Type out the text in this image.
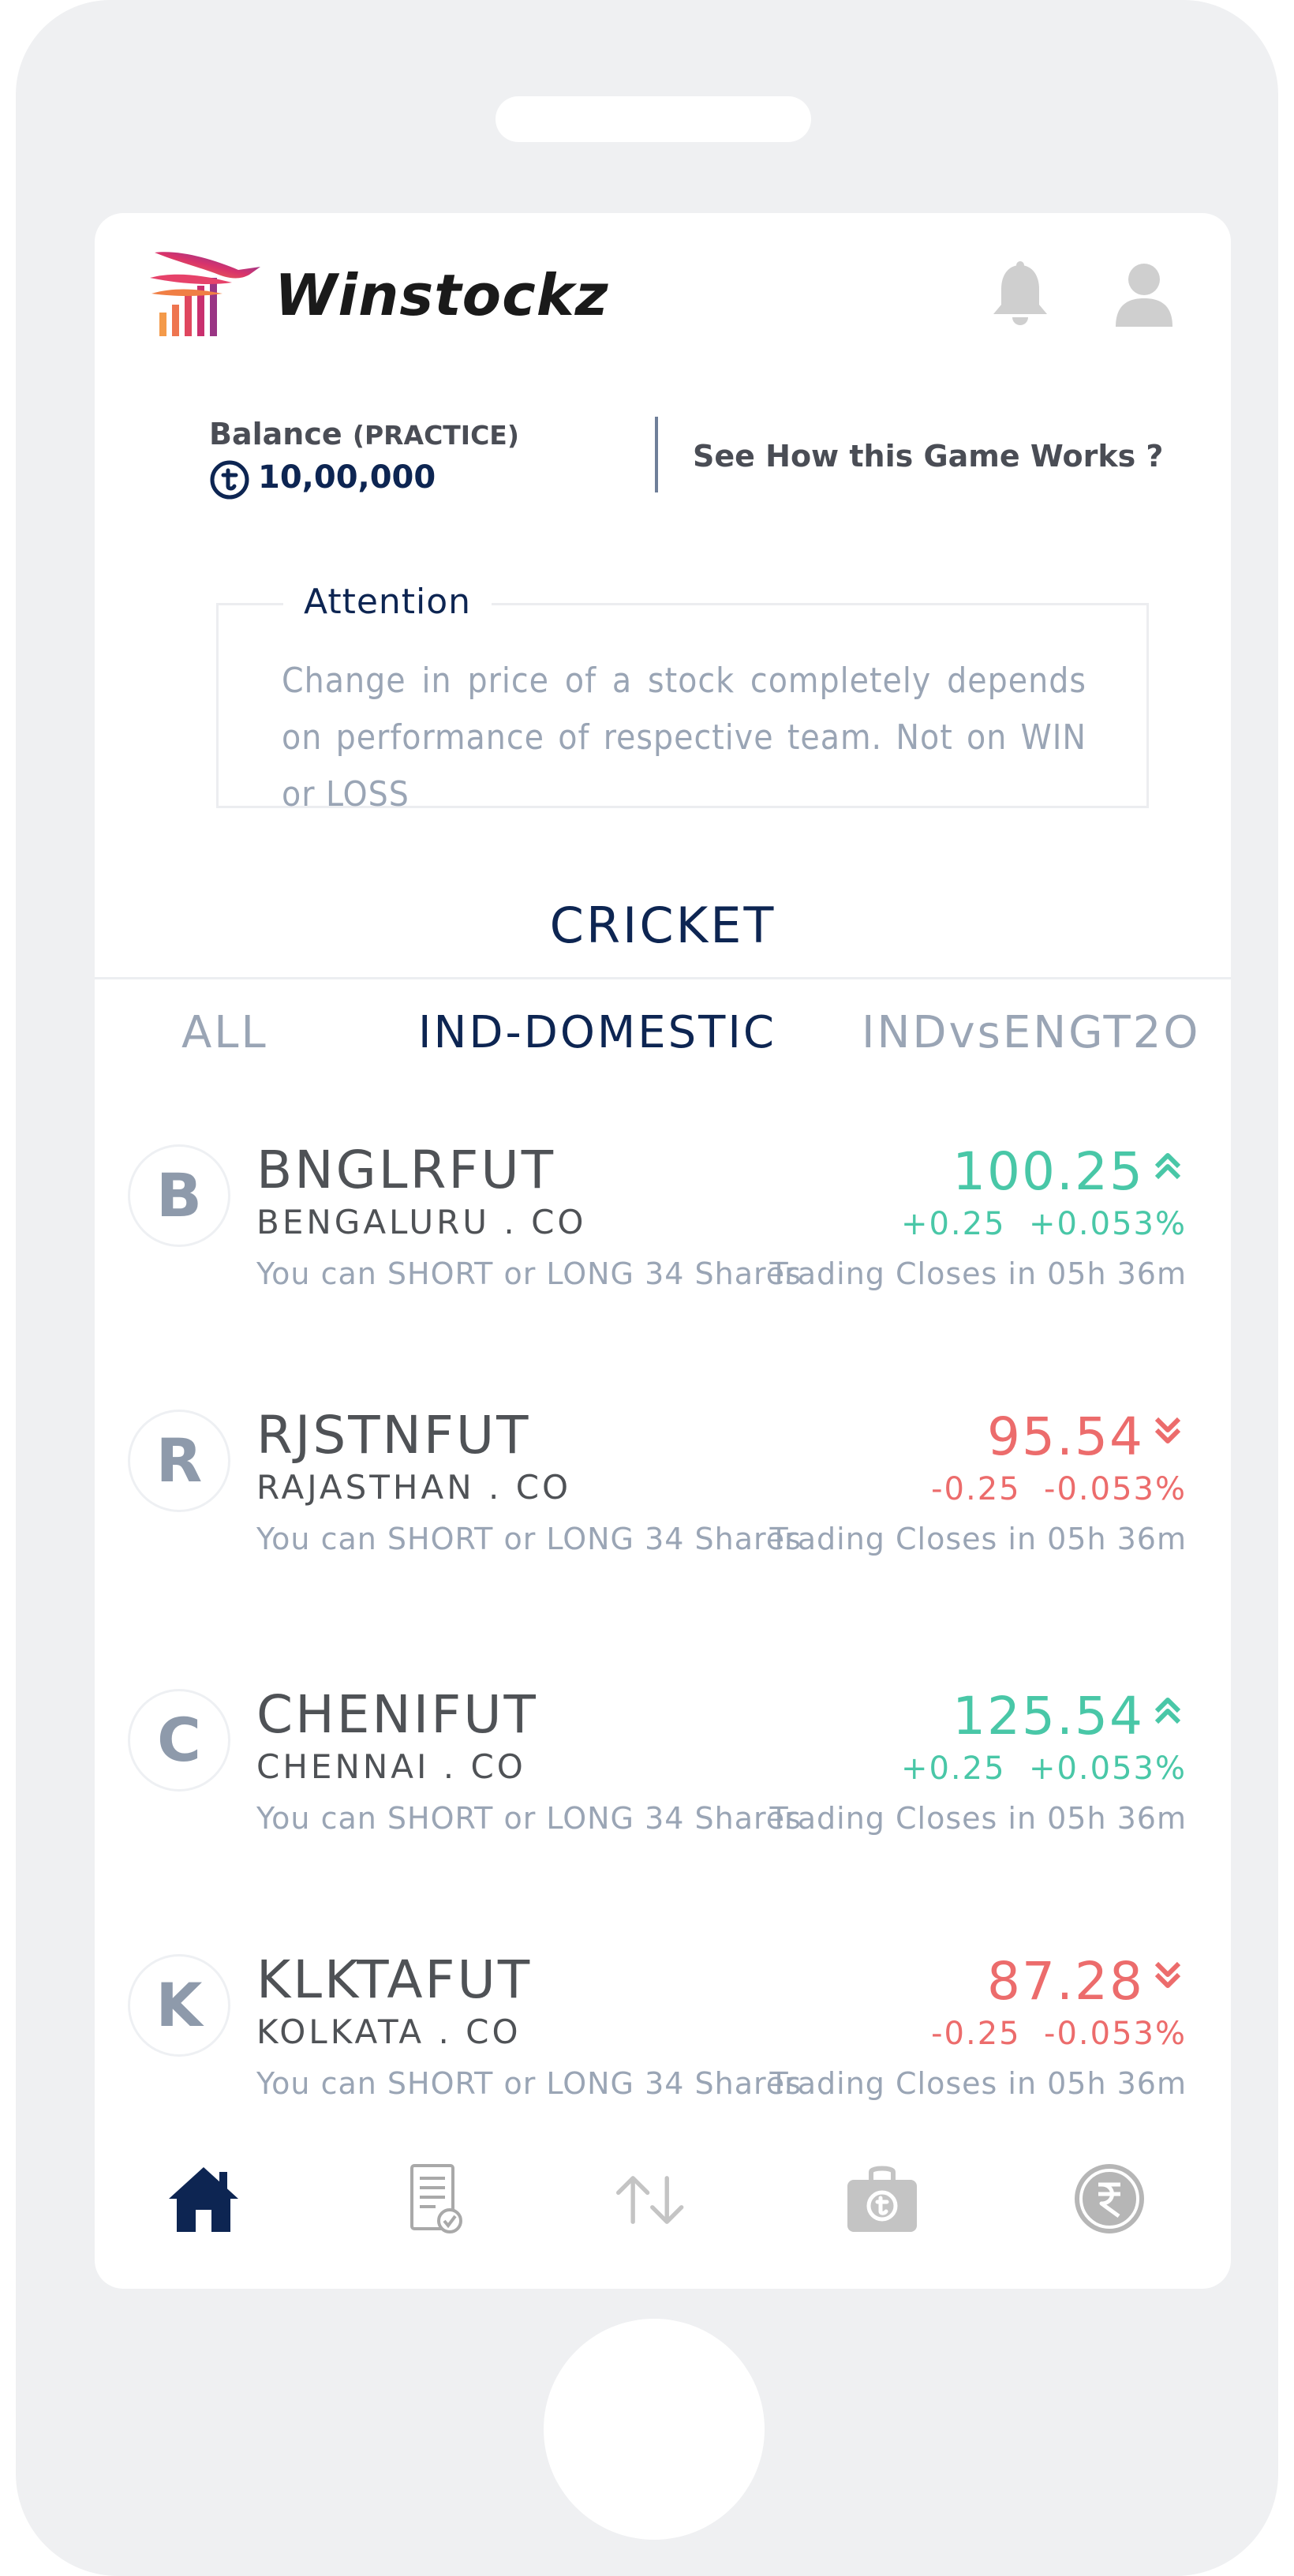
Winstockz
Balance (PRACTICE)
10,00,000
See How this Game Works ?
Attention
Change in price of a stock completely depends on performance of respective team. Not on WIN or LOSS
CRICKET
ALL	IND-DOMESTIC INDvsENGT2O
B	BNGLRFUT
BENGALURU . CO
You can SHORT or LONG 34 Shares
100.25
+0.25  +0.053%
Trading Closes in 05h 36m
R	RJSTNFUT
RAJASTHAN . CO
You can SHORT or LONG 34 Shares
95.54
-0.25  -0.053%
Trading Closes in 05h 36m
C	CHENIFUT
CHENNAI . CO
You can SHORT or LONG 34 Shares
125.54
+0.25  +0.053%
Trading Closes in 05h 36m
K	KLKTAFUT
KOLKATA . CO
You can SHORT or LONG 34 Shares
87.28
-0.25  -0.053%
Trading Closes in 05h 36m
